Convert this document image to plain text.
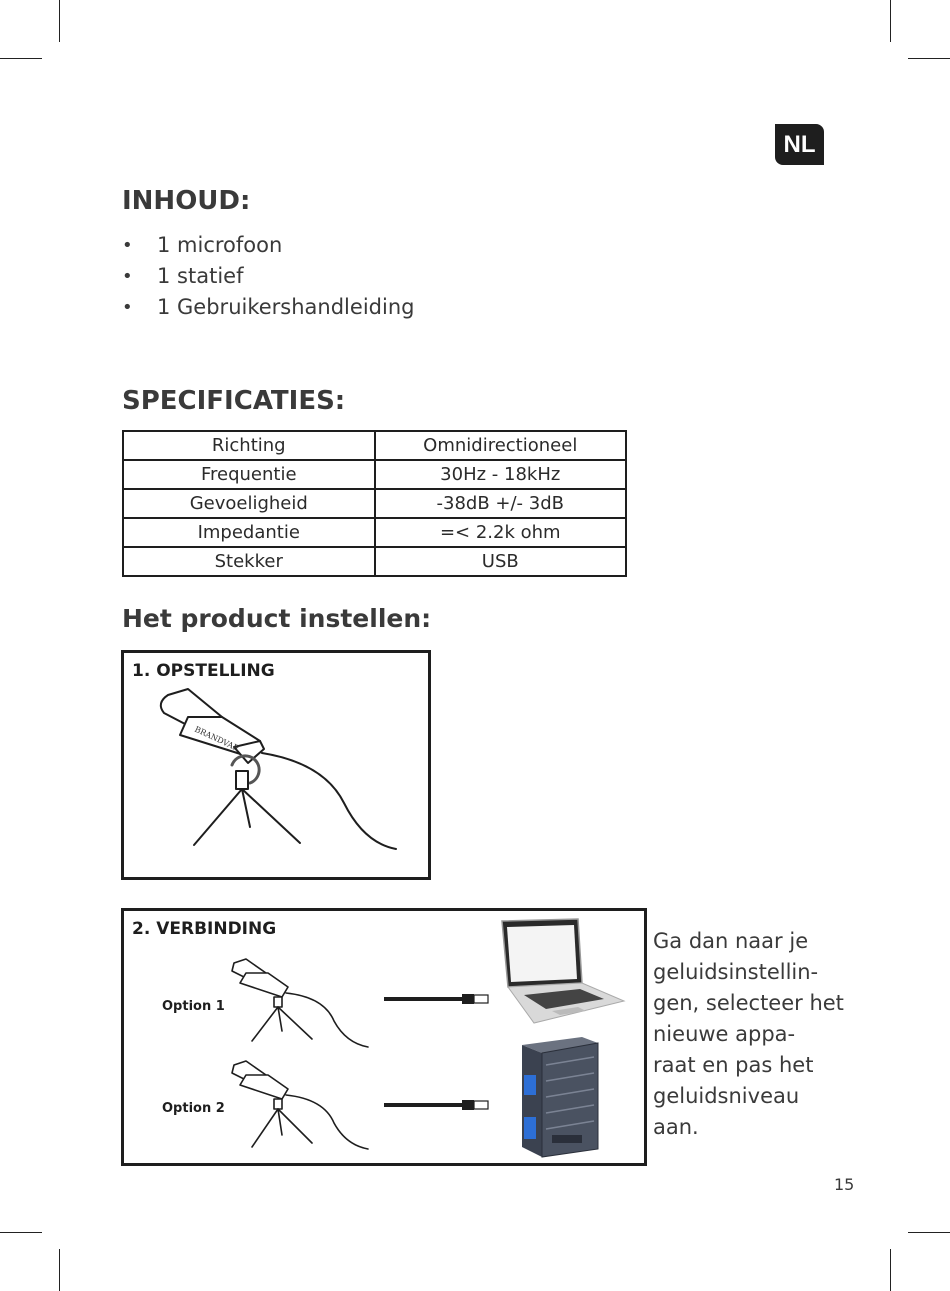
NL
INHOUD:
• 1 microfoon
• 1 statief
• 1 Gebruikershandleiding
SPECIFICATIES:
Richting	Omnidirectioneel
Frequentie	30Hz - 18kHz
Gevoeligheid	-38dB +/- 3dB
Impedantie	=< 2.2k ohm
Stekker	USB
Het product instellen:
1. OPSTELLING
BRANDVAR
2. VERBINDING
Option 1
Option 2
Ga dan naar je
geluidsinstellin-
gen, selecteer het
nieuwe appa-
raat en pas het
geluidsniveau
aan.
15
